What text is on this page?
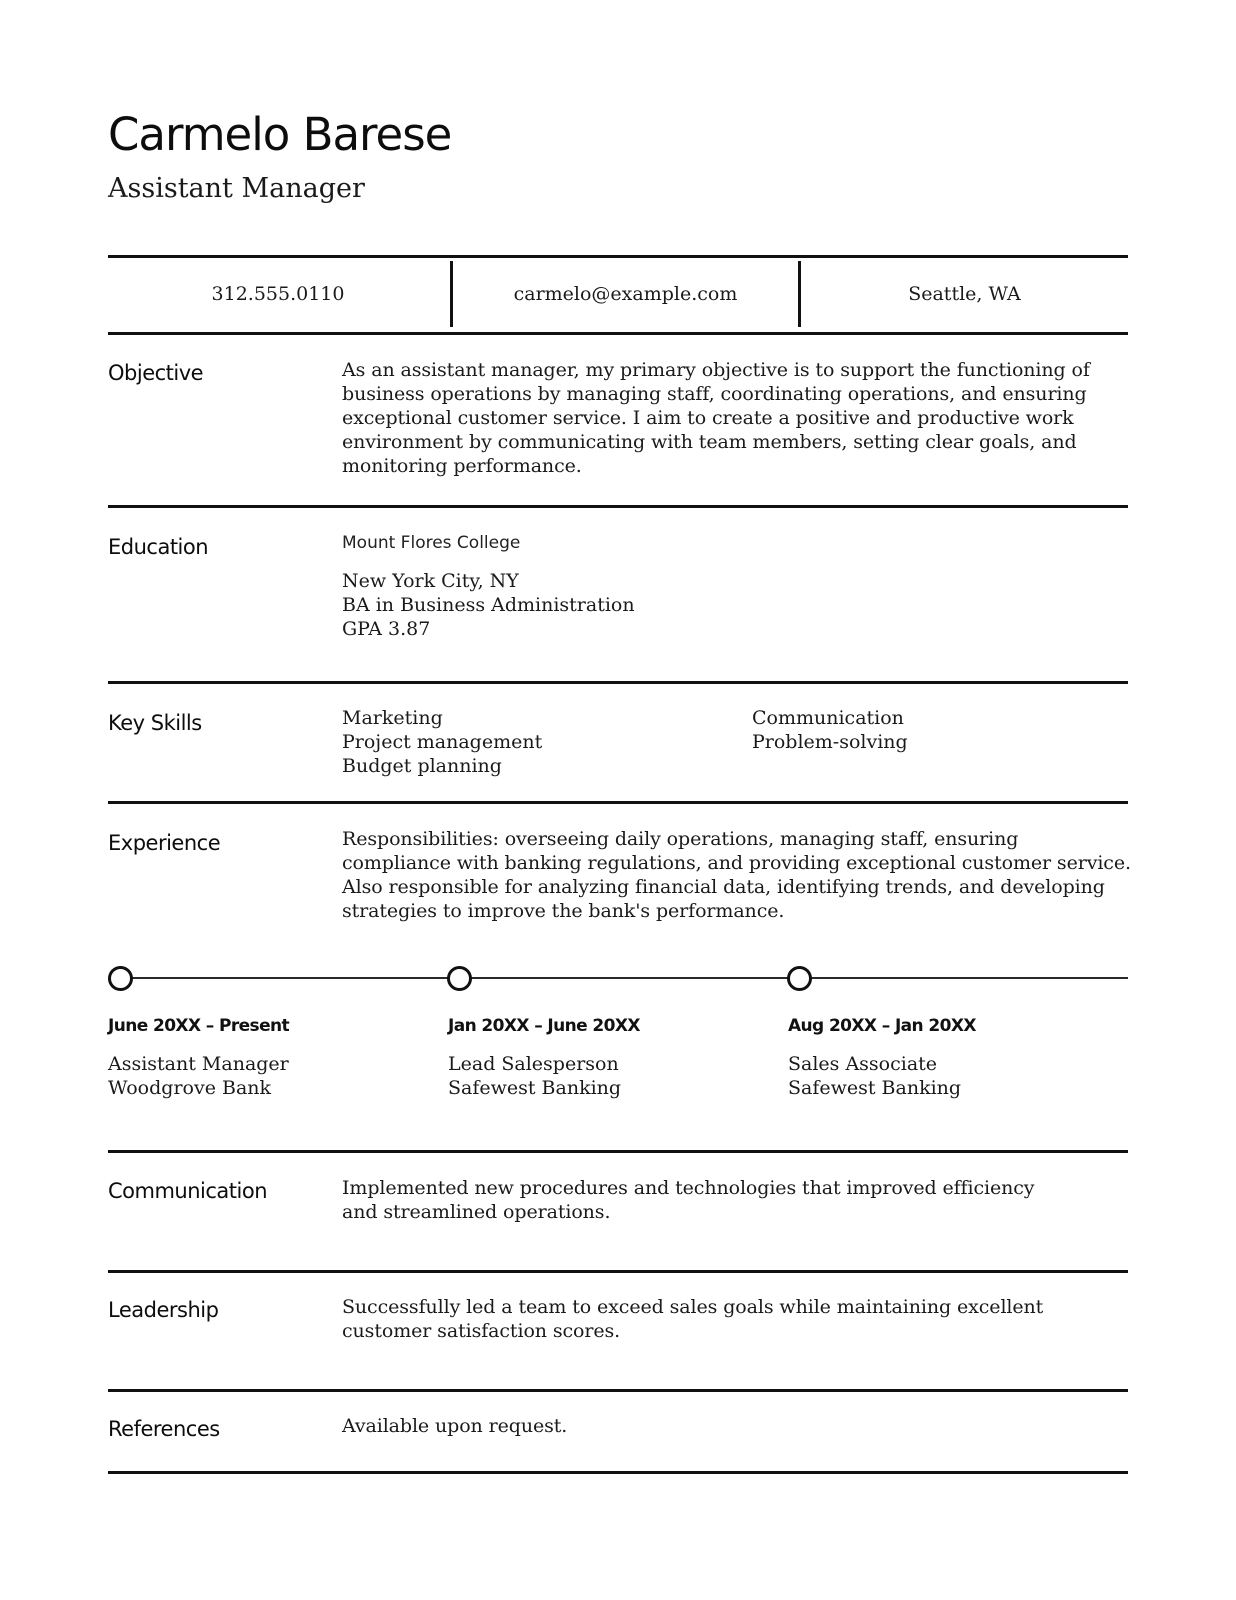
Carmelo Barese
Assistant Manager
312.555.0110	carmelo@example.com	Seattle, WA
Objective	As an assistant manager, my primary objective is to support the functioning of business operations by managing staff, coordinating operations, and ensuring exceptional customer service. I aim to create a positive and productive work environment by communicating with team members, setting clear goals, and monitoring performance.
Education	Mount Flores College
New York City, NY
BA in Business Administration
GPA 3.87
Key Skills	Marketing
Project management
Budget planning
Communication
Problem-solving
Experience	Responsibilities: overseeing daily operations, managing staff, ensuring compliance with banking regulations, and providing exceptional customer service. Also responsible for analyzing financial data, identifying trends, and developing strategies to improve the bank's performance.
June 20XX – Present
Assistant Manager
Woodgrove Bank
Jan 20XX – June 20XX
Lead Salesperson
Safewest Banking
Aug 20XX – Jan 20XX
Sales Associate
Safewest Banking
Communication	Implemented new procedures and technologies that improved efficiency and streamlined operations.
Leadership	Successfully led a team to exceed sales goals while maintaining excellent customer satisfaction scores.
References	Available upon request.
